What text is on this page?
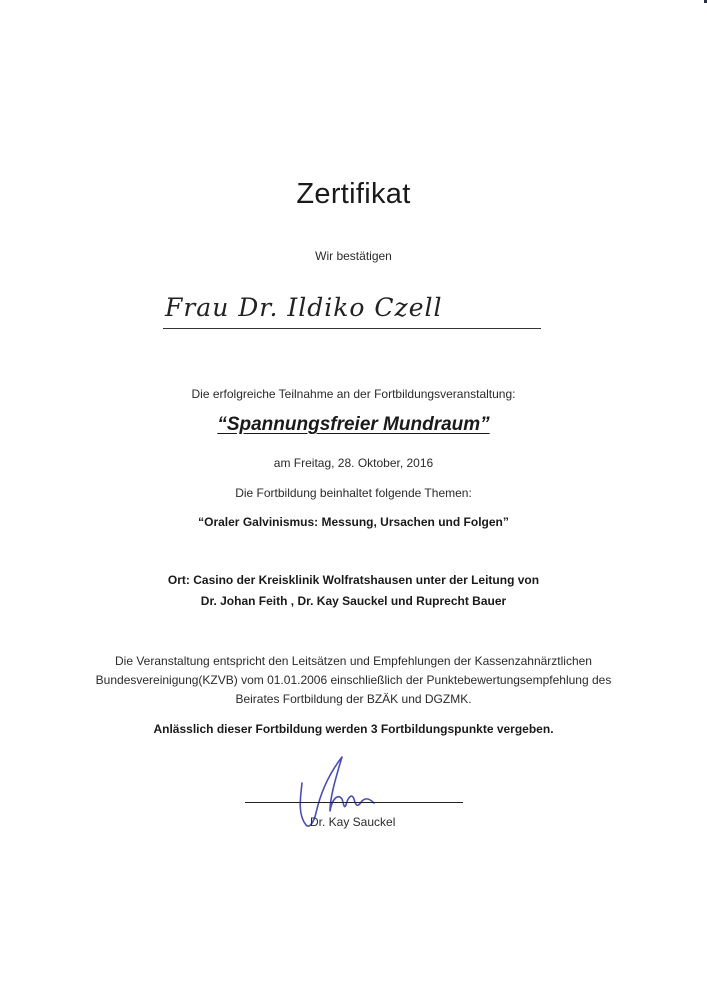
Zertifikat
Wir bestätigen
Frau Dr. Ildiko Czell
Die erfolgreiche Teilnahme an der Fortbildungsveranstaltung:
“Spannungsfreier Mundraum”
am Freitag, 28. Oktober, 2016
Die Fortbildung beinhaltet folgende Themen:
“Oraler Galvinismus: Messung, Ursachen und Folgen”
Ort: Casino der Kreisklinik Wolfratshausen unter der Leitung von
Dr. Johan Feith , Dr. Kay Sauckel und Ruprecht Bauer
Die Veranstaltung entspricht den Leitsätzen und Empfehlungen der Kassenzahnärztlichen
Bundesvereinigung(KZVB) vom 01.01.2006 einschließlich der Punktebewertungsempfehlung des
Beirates Fortbildung der BZÄK und DGZMK.
Anlässlich dieser Fortbildung werden 3 Fortbildungspunkte vergeben.
Dr. Kay Sauckel
